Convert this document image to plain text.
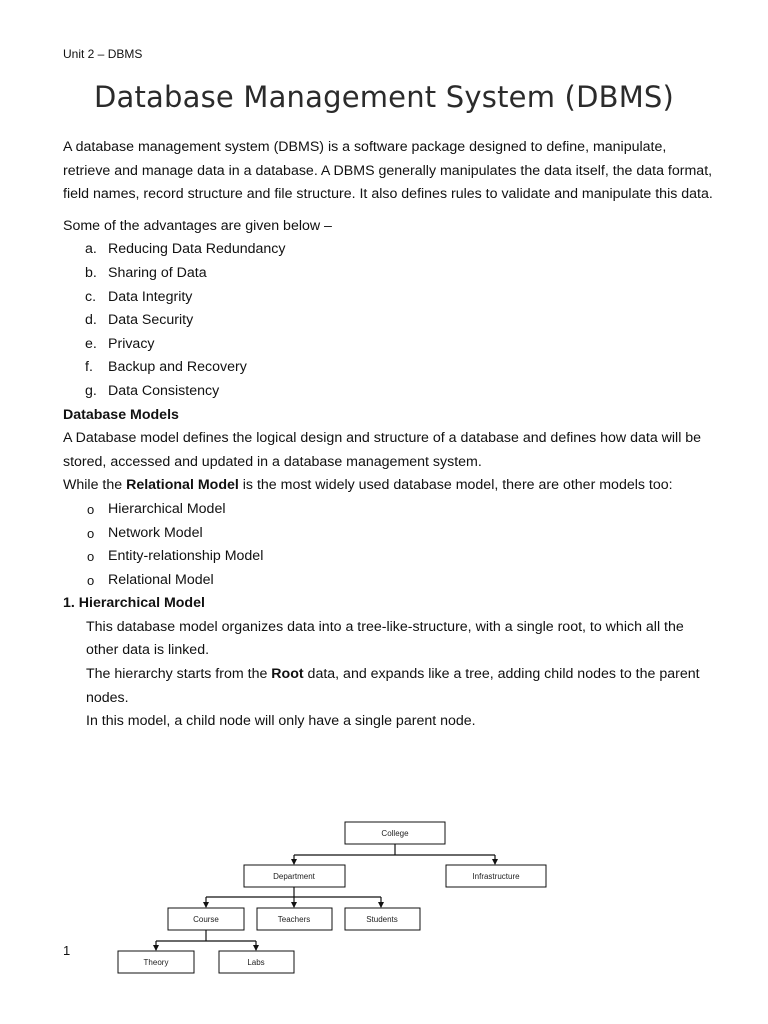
Unit 2 – DBMS
Database Management System (DBMS)

A database management system (DBMS) is a software package designed to define, manipulate, retrieve and manage data in a database. A DBMS generally manipulates the data itself, the data format, field names, record structure and file structure. It also defines rules to validate and manipulate this data.

Some of the advantages are given below –

a. Reducing Data Redundancy
b. Sharing of Data
c. Data Integrity
d. Data Security
e. Privacy
f. Backup and Recovery
g. Data Consistency

Database Models

A Database model defines the logical design and structure of a database and defines how data will be stored, accessed and updated in a database management system.

While the Relational Model is the most widely used database model, there are other models too:

o Hierarchical Model
o Network Model
o Entity-relationship Model
o Relational Model

1. Hierarchical Model

This database model organizes data into a tree-like-structure, with a single root, to which all the other data is linked.

The hierarchy starts from the Root data, and expands like a tree, adding child nodes to the parent nodes.

In this model, a child node will only have a single parent node.

College
Department	Infrastructure
Course	Teachers	Students
Theory	Labs
1
